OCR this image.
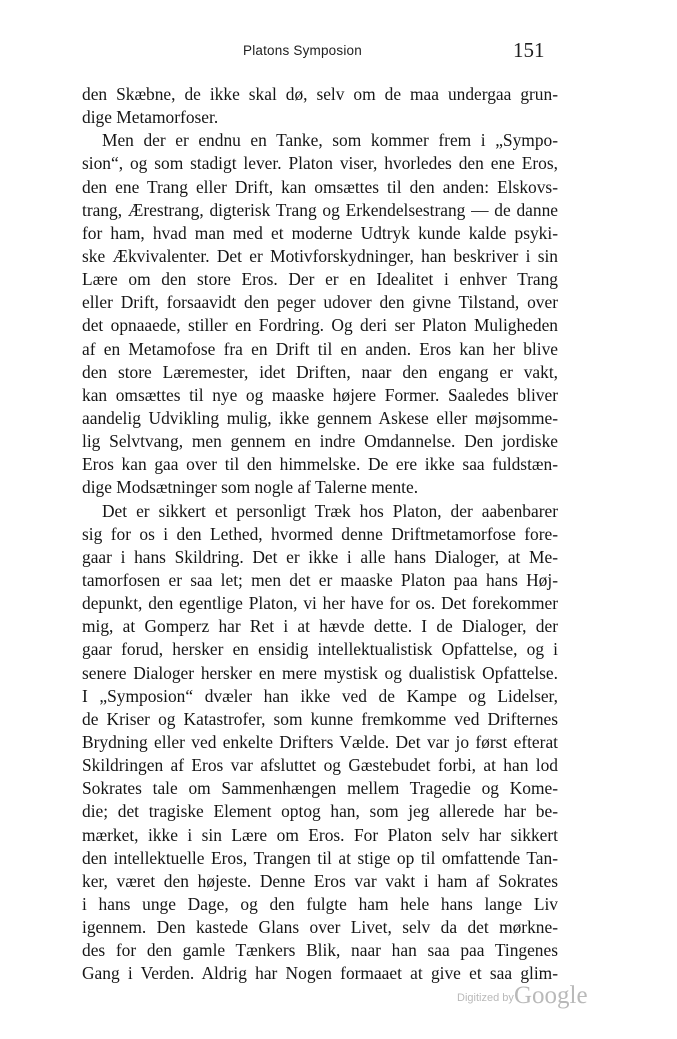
Platons Symposion	151
den Skæbne, de ikke skal dø, selv om de maa undergaa grun-
dige Metamorfoser.
Men der er endnu en Tanke, som kommer frem i „Sympo-
sion“, og som stadigt lever. Platon viser, hvorledes den ene Eros,
den ene Trang eller Drift, kan omsættes til den anden: Elskovs-
trang, Ærestrang, digterisk Trang og Erkendelsestrang — de danne
for ham, hvad man med et moderne Udtryk kunde kalde psyki-
ske Ækvivalenter. Det er Motivforskydninger, han beskriver i sin
Lære om den store Eros. Der er en Idealitet i enhver Trang
eller Drift, forsaavidt den peger udover den givne Tilstand, over
det opnaaede, stiller en Fordring. Og deri ser Platon Muligheden
af en Metamofose fra en Drift til en anden. Eros kan her blive
den store Læremester, idet Driften, naar den engang er vakt,
kan omsættes til nye og maaske højere Former. Saaledes bliver
aandelig Udvikling mulig, ikke gennem Askese eller møjsomme-
lig Selvtvang, men gennem en indre Omdannelse. Den jordiske
Eros kan gaa over til den himmelske. De ere ikke saa fuldstæn-
dige Modsætninger som nogle af Talerne mente.
Det er sikkert et personligt Træk hos Platon, der aabenbarer
sig for os i den Lethed, hvormed denne Driftmetamorfose fore-
gaar i hans Skildring. Det er ikke i alle hans Dialoger, at Me-
tamorfosen er saa let; men det er maaske Platon paa hans Høj-
depunkt, den egentlige Platon, vi her have for os. Det forekommer
mig, at Gomperz har Ret i at hævde dette. I de Dialoger, der
gaar forud, hersker en ensidig intellektualistisk Opfattelse, og i
senere Dialoger hersker en mere mystisk og dualistisk Opfattelse.
I „Symposion“ dvæler han ikke ved de Kampe og Lidelser,
de Kriser og Katastrofer, som kunne fremkomme ved Drifternes
Brydning eller ved enkelte Drifters Vælde. Det var jo først efterat
Skildringen af Eros var afsluttet og Gæstebudet forbi, at han lod
Sokrates tale om Sammenhængen mellem Tragedie og Kome-
die; det tragiske Element optog han, som jeg allerede har be-
mærket, ikke i sin Lære om Eros. For Platon selv har sikkert
den intellektuelle Eros, Trangen til at stige op til omfattende Tan-
ker, været den højeste. Denne Eros var vakt i ham af Sokrates
i hans unge Dage, og den fulgte ham hele hans lange Liv
igennem. Den kastede Glans over Livet, selv da det mørkne-
des for den gamle Tænkers Blik, naar han saa paa Tingenes
Gang i Verden. Aldrig har Nogen formaaet at give et saa glim-
Digitized by Google
